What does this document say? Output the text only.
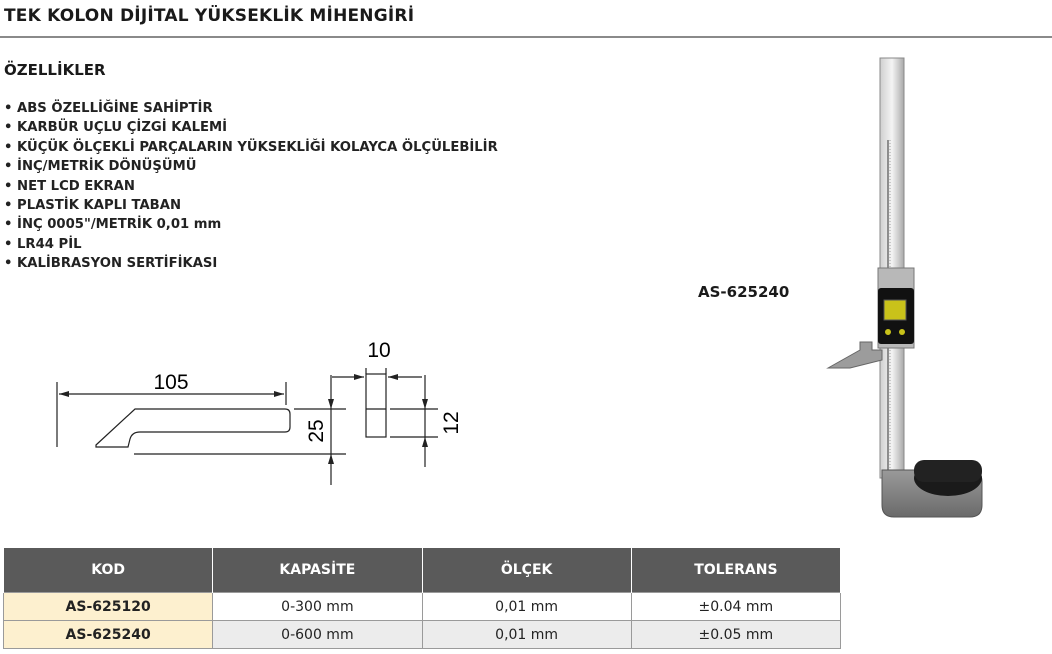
TEK KOLON DİJİTAL YÜKSEKLİK MİHENGİRİ
ÖZELLİKLER
• ABS ÖZELLİĞİNE SAHİPTİR
• KARBÜR UÇLU ÇİZGİ KALEMİ
• KÜÇÜK ÖLÇEKLİ PARÇALARIN YÜKSEKLİĞİ KOLAYCA ÖLÇÜLEBİLİR
• İNÇ/METRİK DÖNÜŞÜMÜ
• NET LCD EKRAN
• PLASTİK KAPLI TABAN
• İNÇ 0005"/METRİK 0,01 mm
• LR44 PİL
• KALİBRASYON SERTİFİKASI
AS-625240
105
10
25	12
KOD	KAPASİTE	ÖLÇEK	TOLERANS
AS-625120	0-300 mm	0,01 mm	±0.04 mm
AS-625240	0-600 mm	0,01 mm	±0.05 mm
